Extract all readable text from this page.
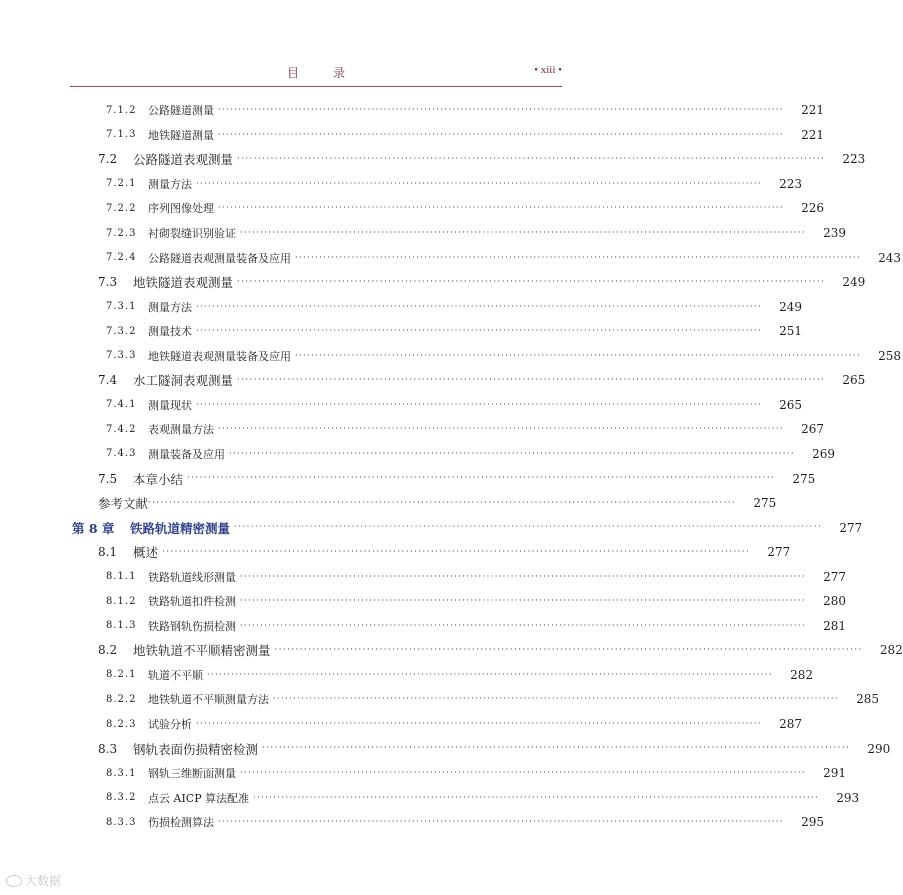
目录	• xiii •
7.1.2	公路隧道测量 ············································································································································	221
7.1.3	地铁隧道测量 ············································································································································	221
7.2	公路隧道表观测量 ············································································································································	223
7.2.1	测量方法 ············································································································································	223
7.2.2	序列图像处理 ············································································································································	226
7.2.3	衬砌裂缝识别验证 ············································································································································	239
7.2.4	公路隧道表观测量装备及应用 ············································································································································	243
7.3	地铁隧道表观测量 ············································································································································	249
7.3.1	测量方法 ············································································································································	249
7.3.2	测量技术 ············································································································································	251
7.3.3	地铁隧道表观测量装备及应用 ············································································································································	258
7.4	水工隧洞表观测量 ············································································································································	265
7.4.1	测量现状 ············································································································································	265
7.4.2	表观测量方法 ············································································································································	267
7.4.3	测量装备及应用 ············································································································································	269
7.5	本章小结 ············································································································································	275
参考文献 ············································································································································	275
第 8 章	铁路轨道精密测量 ············································································································································	277
8.1	概述 ············································································································································	277
8.1.1	铁路轨道线形测量 ············································································································································	277
8.1.2	铁路轨道扣件检测 ············································································································································	280
8.1.3	铁路钢轨伤损检测 ············································································································································	281
8.2	地铁轨道不平顺精密测量 ············································································································································	282
8.2.1	轨道不平顺 ············································································································································	282
8.2.2	地铁轨道不平顺测量方法 ············································································································································	285
8.2.3	试验分析 ············································································································································	287
8.3	钢轨表面伤损精密检测 ············································································································································	290
8.3.1	钢轨三维断面测量 ············································································································································	291
8.3.2	点云 AICP 算法配准 ············································································································································	293
8.3.3	伤损检测算法 ············································································································································	295
大数据
